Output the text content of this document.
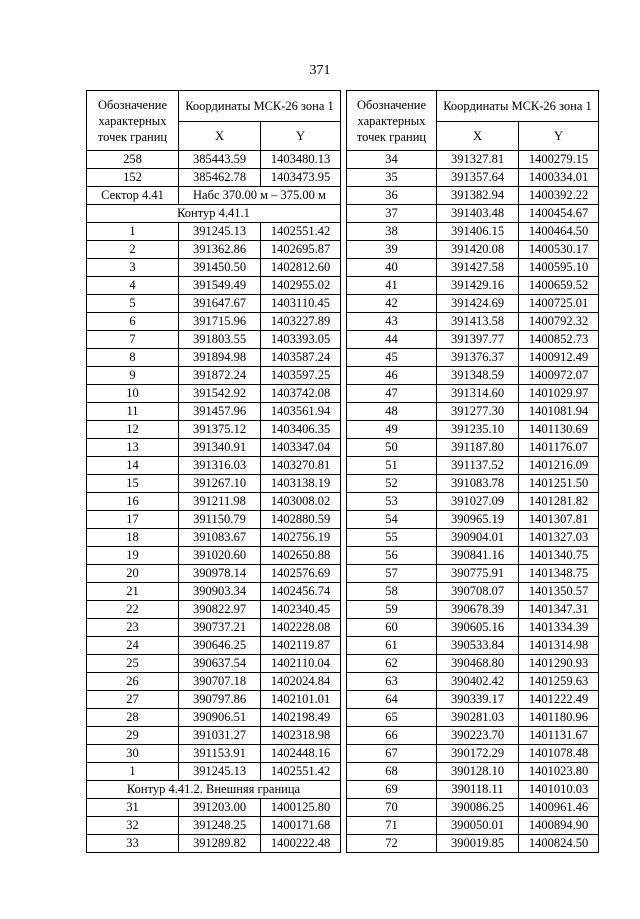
371
Обозначение характерных точек границ	Координаты МСК-26 зона 1	
	X	Y
258	385443.59	1403480.13
152	385462.78	1403473.95
Сектор 4.41	Набс 370.00 м – 375.00 м	
Контур 4.41.1		
1	391245.13	1402551.42
2	391362.86	1402695.87
3	391450.50	1402812.60
4	391549.49	1402955.02
5	391647.67	1403110.45
6	391715.96	1403227.89
7	391803.55	1403393.05
8	391894.98	1403587.24
9	391872.24	1403597.25
10	391542.92	1403742.08
11	391457.96	1403561.94
12	391375.12	1403406.35
13	391340.91	1403347.04
14	391316.03	1403270.81
15	391267.10	1403138.19
16	391211.98	1403008.02
17	391150.79	1402880.59
18	391083.67	1402756.19
19	391020.60	1402650.88
20	390978.14	1402576.69
21	390903.34	1402456.74
22	390822.97	1402340.45
23	390737.21	1402228.08
24	390646.25	1402119.87
25	390637.54	1402110.04
26	390707.18	1402024.84
27	390797.86	1402101.01
28	390906.51	1402198.49
29	391031.27	1402318.98
30	391153.91	1402448.16
1	391245.13	1402551.42
Контур 4.41.2. Внешняя граница		
31	391203.00	1400125.80
32	391248.25	1400171.68
33	391289.82	1400222.48
Обозначение характерных точек границ	Координаты МСК-26 зона 1	
	X	Y
34	391327.81	1400279.15
35	391357.64	1400334.01
36	391382.94	1400392.22
37	391403.48	1400454.67
38	391406.15	1400464.50
39	391420.08	1400530.17
40	391427.58	1400595.10
41	391429.16	1400659.52
42	391424.69	1400725.01
43	391413.58	1400792.32
44	391397.77	1400852.73
45	391376.37	1400912.49
46	391348.59	1400972.07
47	391314.60	1401029.97
48	391277.30	1401081.94
49	391235.10	1401130.69
50	391187.80	1401176.07
51	391137.52	1401216.09
52	391083.78	1401251.50
53	391027.09	1401281.82
54	390965.19	1401307.81
55	390904.01	1401327.03
56	390841.16	1401340.75
57	390775.91	1401348.75
58	390708.07	1401350.57
59	390678.39	1401347.31
60	390605.16	1401334.39
61	390533.84	1401314.98
62	390468.80	1401290.93
63	390402.42	1401259.63
64	390339.17	1401222.49
65	390281.03	1401180.96
66	390223.70	1401131.67
67	390172.29	1401078.48
68	390128.10	1401023.80
69	390118.11	1401010.03
70	390086.25	1400961.46
71	390050.01	1400894.90
72	390019.85	1400824.50
